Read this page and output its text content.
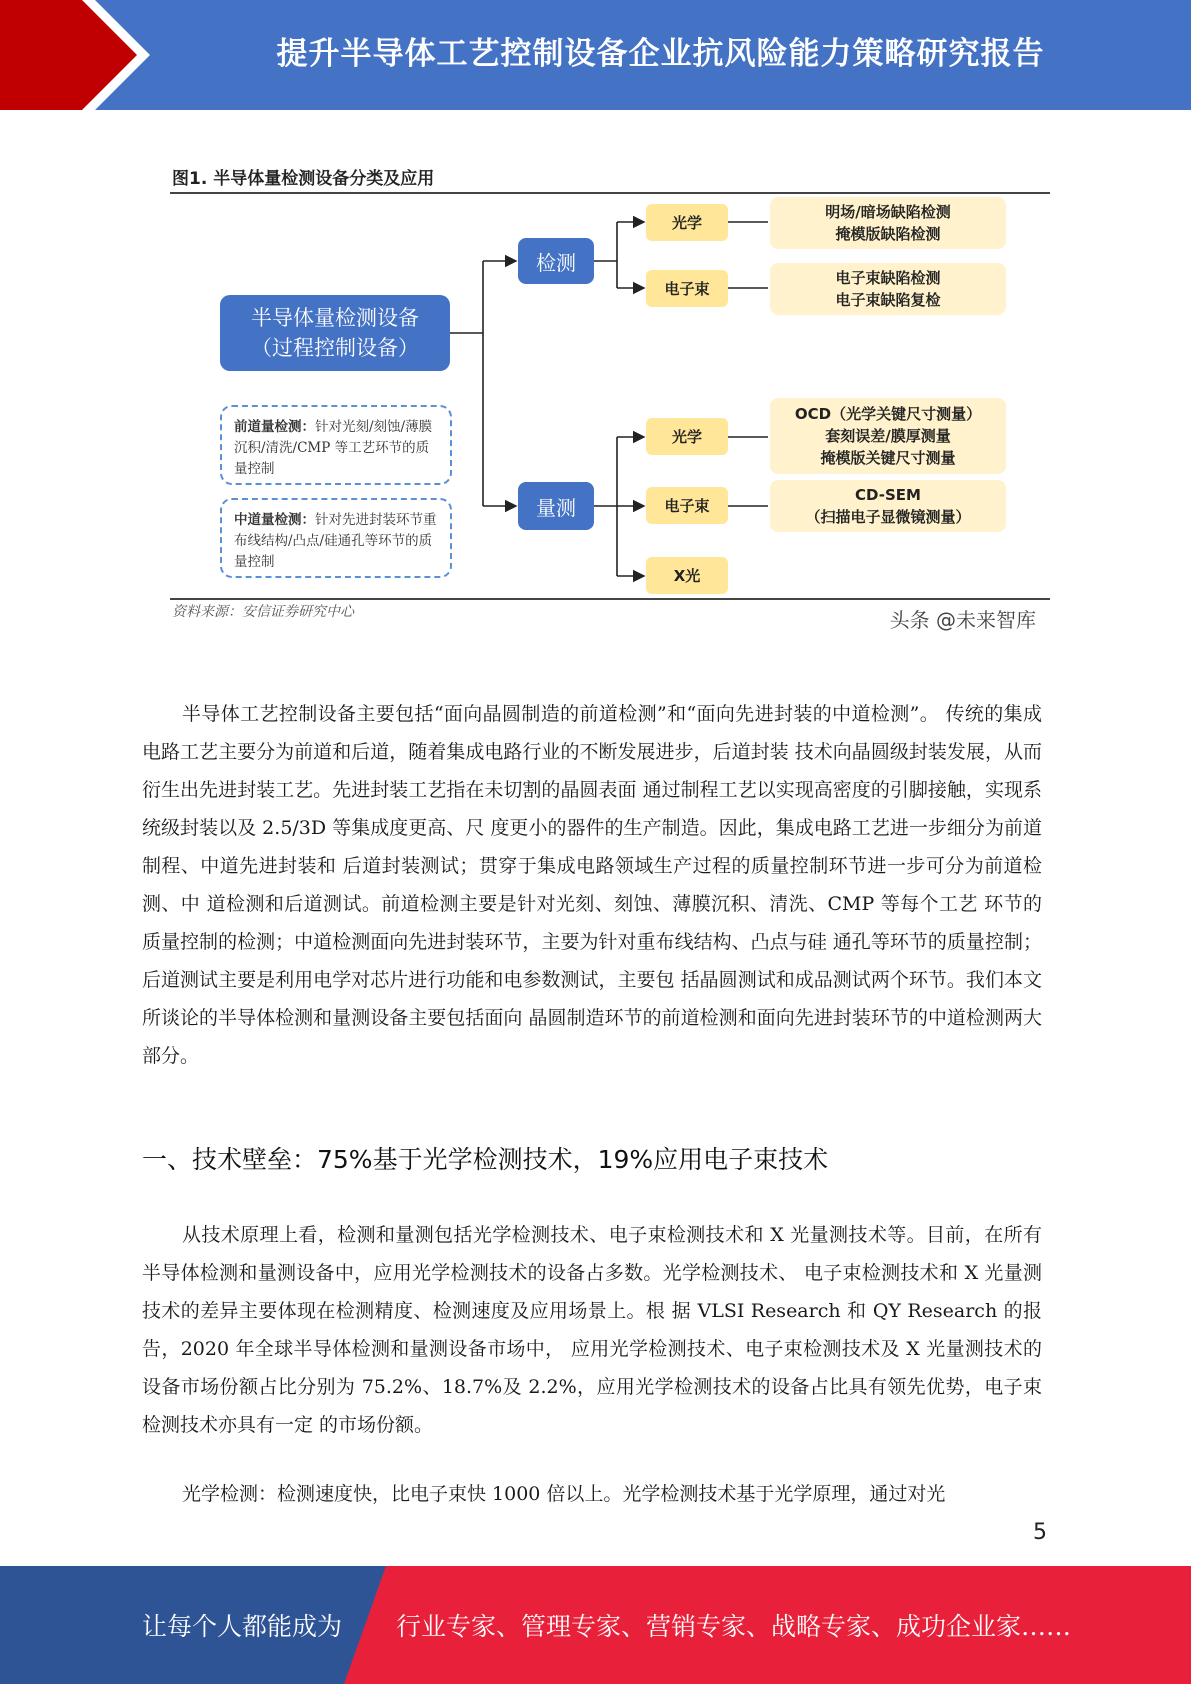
提升半导体工艺控制设备企业抗风险能力策略研究报告
图1. 半导体量检测设备分类及应用
半导体量检测设备
（过程控制设备）
前道量检测：针对光刻/刻蚀/薄膜沉积/清洗/CMP 等工艺环节的质量控制
中道量检测：针对先进封装环节重布线结构/凸点/硅通孔等环节的质量控制
检测
量测
光学
电子束
光学
电子束
X光
明场/暗场缺陷检测
掩模版缺陷检测
电子束缺陷检测
电子束缺陷复检
OCD（光学关键尺寸测量）
套刻误差/膜厚测量
掩模版关键尺寸测量
CD-SEM
（扫描电子显微镜测量）
资料来源：安信证券研究中心	头条 @未来智库

半导体工艺控制设备主要包括“面向晶圆制造的前道检测”和“面向先进封装的中道检测”。 传统的集成电路工艺主要分为前道和后道，随着集成电路行业的不断发展进步，后道封装 技术向晶圆级封装发展，从而衍生出先进封装工艺。先进封装工艺指在未切割的晶圆表面 通过制程工艺以实现高密度的引脚接触，实现系统级封装以及 2.5/3D 等集成度更高、尺 度更小的器件的生产制造。因此，集成电路工艺进一步细分为前道制程、中道先进封装和 后道封装测试；贯穿于集成电路领域生产过程的质量控制环节进一步可分为前道检测、中 道检测和后道测试。前道检测主要是针对光刻、刻蚀、薄膜沉积、清洗、CMP 等每个工艺 环节的质量控制的检测；中道检测面向先进封装环节，主要为针对重布线结构、凸点与硅 通孔等环节的质量控制；后道测试主要是利用电学对芯片进行功能和电参数测试，主要包 括晶圆测试和成品测试两个环节。我们本文所谈论的半导体检测和量测设备主要包括面向 晶圆制造环节的前道检测和面向先进封装环节的中道检测两大部分。

一、技术壁垒：75%基于光学检测技术，19%应用电子束技术

从技术原理上看，检测和量测包括光学检测技术、电子束检测技术和 X 光量测技术等。目前，在所有半导体检测和量测设备中，应用光学检测技术的设备占多数。光学检测技术、 电子束检测技术和 X 光量测技术的差异主要体现在检测精度、检测速度及应用场景上。根 据 VLSI Research 和 QY Research 的报告，2020 年全球半导体检测和量测设备市场中， 应用光学检测技术、电子束检测技术及 X 光量测技术的设备市场份额占比分别为 75.2%、18.7%及 2.2%，应用光学检测技术的设备占比具有领先优势，电子束检测技术亦具有一定 的市场份额。

光学检测：检测速度快，比电子束快 1000 倍以上。光学检测技术基于光学原理，通过对光

5
让每个人都能成为 行业专家、管理专家、营销专家、战略专家、成功企业家……
